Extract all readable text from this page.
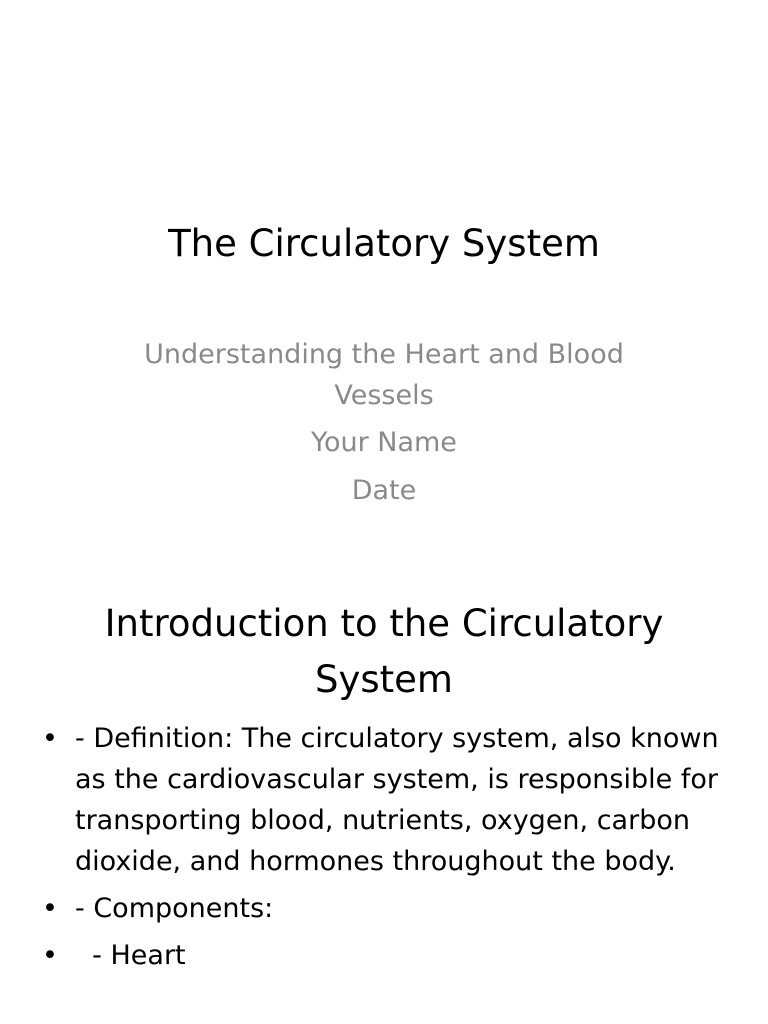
The Circulatory System
Understanding the Heart and Blood
Vessels
Your Name
Date
Introduction to the Circulatory
System
• - Definition: The circulatory system, also known as the cardiovascular system, is responsible for transporting blood, nutrients, oxygen, carbon dioxide, and hormones throughout the body.
• - Components:
• - Heart
